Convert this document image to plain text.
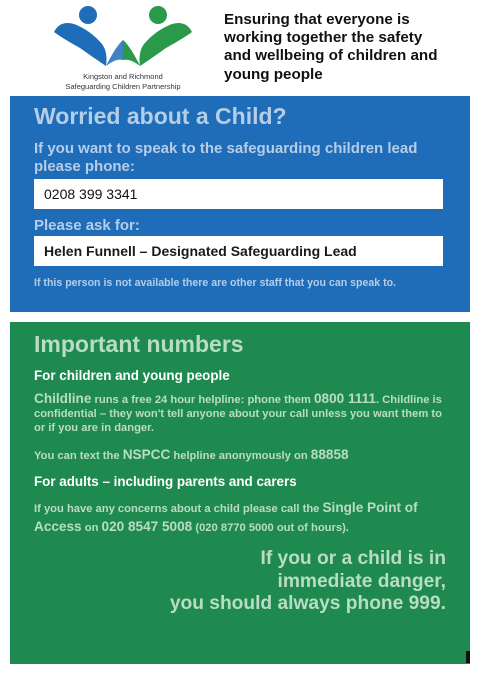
Kingston and Richmond
Safeguarding Children Partnership
Ensuring that everyone is
working together the safety
and wellbeing of children and
young people
Worried about a Child?
If you want to speak to the safeguarding children lead please phone:
0208 399 3341
Please ask for:
Helen Funnell – Designated Safeguarding Lead
If this person is not available there are other staff that you can speak to.
Important numbers
For children and young people
Childline runs a free 24 hour helpline: phone them 0800 1111. Childline is confidential – they won't tell anyone about your call unless you want them to or if you are in danger.
You can text the NSPCC helpline anonymously on 88858
For adults – including parents and carers
If you have any concerns about a child please call the Single Point of Access on 020 8547 5008 (020 8770 5000 out of hours).
If you or a child is in
immediate danger,
you should always phone 999.
